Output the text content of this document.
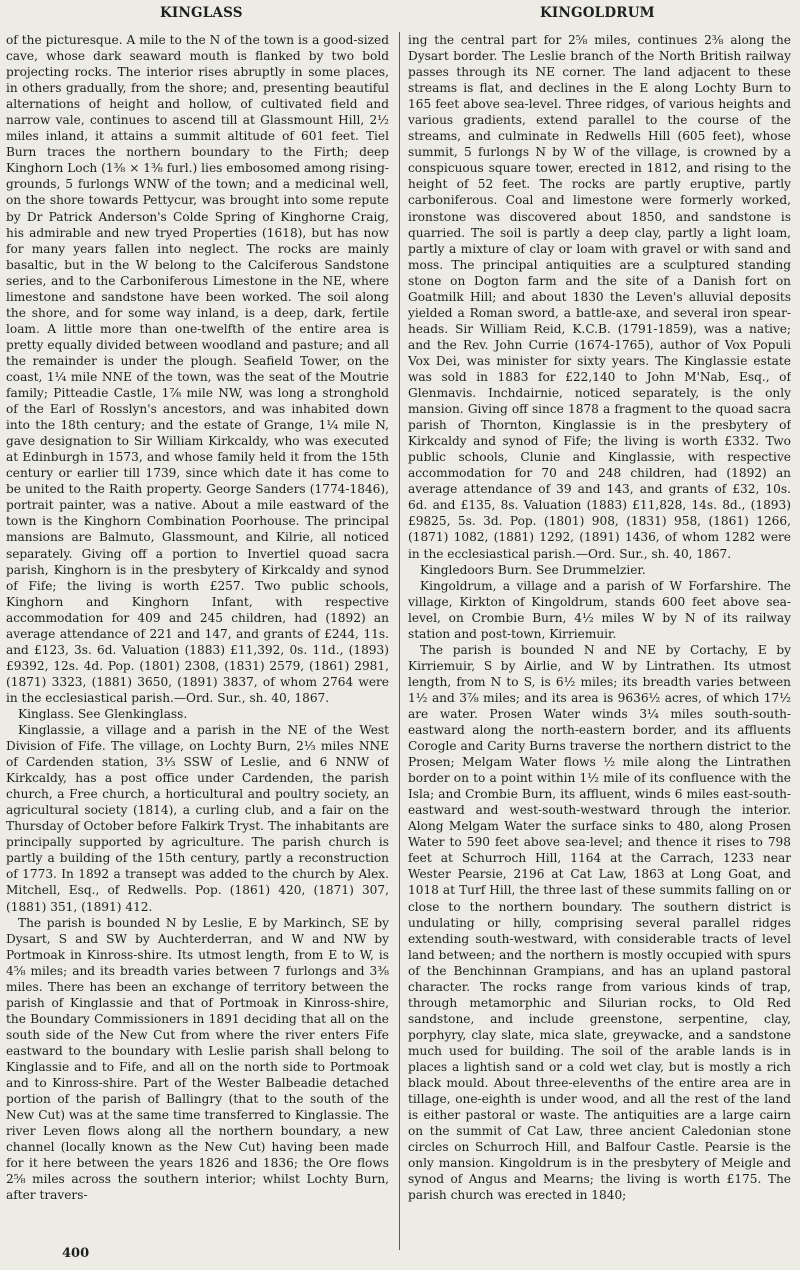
KINGLASS	KINGOLDRUM

of the picturesque. A mile to the N of the town is a good-sized cave, whose dark seaward mouth is flanked by two bold projecting rocks. The interior rises abruptly in some places, in others gradually, from the shore; and, presenting beautiful alternations of height and hollow, of cultivated field and narrow vale, continues to ascend till at Glassmount Hill, 2½ miles inland, it attains a summit altitude of 601 feet. Tiel Burn traces the northern boundary to the Firth; deep Kinghorn Loch (1⅜ × 1⅜ furl.) lies embosomed among rising-grounds, 5 furlongs WNW of the town; and a medicinal well, on the shore towards Pettycur, was brought into some repute by Dr Patrick Anderson's Colde Spring of Kinghorne Craig, his admirable and new tryed Properties (1618), but has now for many years fallen into neglect. The rocks are mainly basaltic, but in the W belong to the Calciferous Sandstone series, and to the Carboniferous Limestone in the NE, where limestone and sandstone have been worked. The soil along the shore, and for some way inland, is a deep, dark, fertile loam. A little more than one-twelfth of the entire area is pretty equally divided between woodland and pasture; and all the remainder is under the plough. Seafield Tower, on the coast, 1¼ mile NNE of the town, was the seat of the Moutrie family; Pitteadie Castle, 1⅞ mile NW, was long a stronghold of the Earl of Rosslyn's ancestors, and was inhabited down into the 18th century; and the estate of Grange, 1¼ mile N, gave designation to Sir William Kirkcaldy, who was executed at Edinburgh in 1573, and whose family held it from the 15th century or earlier till 1739, since which date it has come to be united to the Raith property. George Sanders (1774-1846), portrait painter, was a native. About a mile eastward of the town is the Kinghorn Combination Poorhouse. The principal mansions are Balmuto, Glassmount, and Kilrie, all noticed separately. Giving off a portion to Invertiel quoad sacra parish, Kinghorn is in the presbytery of Kirkcaldy and synod of Fife; the living is worth £257. Two public schools, Kinghorn and Kinghorn Infant, with respective accommodation for 409 and 245 children, had (1892) an average attendance of 221 and 147, and grants of £244, 11s. and £123, 3s. 6d. Valuation (1883) £11,392, 0s. 11d., (1893) £9392, 12s. 4d. Pop. (1801) 2308, (1831) 2579, (1861) 2981, (1871) 3323, (1881) 3650, (1891) 3837, of whom 2764 were in the ecclesiastical parish.—Ord. Sur., sh. 40, 1867.

Kinglass. See Glenkinglass.

Kinglassie, a village and a parish in the NE of the West Division of Fife. The village, on Lochty Burn, 2⅓ miles NNE of Cardenden station, 3⅓ SSW of Leslie, and 6 NNW of Kirkcaldy, has a post office under Cardenden, the parish church, a Free church, a horticultural and poultry society, an agricultural society (1814), a curling club, and a fair on the Thursday of October before Falkirk Tryst. The inhabitants are principally supported by agriculture. The parish church is partly a building of the 15th century, partly a reconstruction of 1773. In 1892 a transept was added to the church by Alex. Mitchell, Esq., of Redwells. Pop. (1861) 420, (1871) 307, (1881) 351, (1891) 412.

The parish is bounded N by Leslie, E by Markinch, SE by Dysart, S and SW by Auchterderran, and W and NW by Portmoak in Kinross-shire. Its utmost length, from E to W, is 4⅝ miles; and its breadth varies between 7 furlongs and 3⅜ miles. There has been an exchange of territory between the parish of Kinglassie and that of Portmoak in Kinross-shire, the Boundary Commissioners in 1891 deciding that all on the south side of the New Cut from where the river enters Fife eastward to the boundary with Leslie parish shall belong to Kinglassie and to Fife, and all on the north side to Portmoak and to Kinross-shire. Part of the Wester Balbeadie detached portion of the parish of Ballingry (that to the south of the New Cut) was at the same time transferred to Kinglassie. The river Leven flows along all the northern boundary, a new channel (locally known as the New Cut) having been made for it here between the years 1826 and 1836; the Ore flows 2⅝ miles across the southern interior; whilst Lochty Burn, after travers-

ing the central part for 2⅝ miles, continues 2⅜ along the Dysart border. The Leslie branch of the North British railway passes through its NE corner. The land adjacent to these streams is flat, and declines in the E along Lochty Burn to 165 feet above sea-level. Three ridges, of various heights and various gradients, extend parallel to the course of the streams, and culminate in Redwells Hill (605 feet), whose summit, 5 furlongs N by W of the village, is crowned by a conspicuous square tower, erected in 1812, and rising to the height of 52 feet. The rocks are partly eruptive, partly carboniferous. Coal and limestone were formerly worked, ironstone was discovered about 1850, and sandstone is quarried. The soil is partly a deep clay, partly a light loam, partly a mixture of clay or loam with gravel or with sand and moss. The principal antiquities are a sculptured standing stone on Dogton farm and the site of a Danish fort on Goatmilk Hill; and about 1830 the Leven's alluvial deposits yielded a Roman sword, a battle-axe, and several iron spear-heads. Sir William Reid, K.C.B. (1791-1859), was a native; and the Rev. John Currie (1674-1765), author of Vox Populi Vox Dei, was minister for sixty years. The Kinglassie estate was sold in 1883 for £22,140 to John M'Nab, Esq., of Glenmavis. Inchdairnie, noticed separately, is the only mansion. Giving off since 1878 a fragment to the quoad sacra parish of Thornton, Kinglassie is in the presbytery of Kirkcaldy and synod of Fife; the living is worth £332. Two public schools, Clunie and Kinglassie, with respective accommodation for 70 and 248 children, had (1892) an average attendance of 39 and 143, and grants of £32, 10s. 6d. and £135, 8s. Valuation (1883) £11,828, 14s. 8d., (1893) £9825, 5s. 3d. Pop. (1801) 908, (1831) 958, (1861) 1266, (1871) 1082, (1881) 1292, (1891) 1436, of whom 1282 were in the ecclesiastical parish.—Ord. Sur., sh. 40, 1867.

Kingledoors Burn. See Drummelzier.

Kingoldrum, a village and a parish of W Forfarshire. The village, Kirkton of Kingoldrum, stands 600 feet above sea-level, on Crombie Burn, 4½ miles W by N of its railway station and post-town, Kirriemuir.

The parish is bounded N and NE by Cortachy, E by Kirriemuir, S by Airlie, and W by Lintrathen. Its utmost length, from N to S, is 6½ miles; its breadth varies between 1½ and 3⅞ miles; and its area is 9636½ acres, of which 17½ are water. Prosen Water winds 3¼ miles south-south-eastward along the north-eastern border, and its affluents Corogle and Carity Burns traverse the northern district to the Prosen; Melgam Water flows ½ mile along the Lintrathen border on to a point within 1½ mile of its confluence with the Isla; and Crombie Burn, its affluent, winds 6 miles east-south-eastward and west-south-westward through the interior. Along Melgam Water the surface sinks to 480, along Prosen Water to 590 feet above sea-level; and thence it rises to 798 feet at Schurroch Hill, 1164 at the Carrach, 1233 near Wester Pearsie, 2196 at Cat Law, 1863 at Long Goat, and 1018 at Turf Hill, the three last of these summits falling on or close to the northern boundary. The southern district is undulating or hilly, comprising several parallel ridges extending south-westward, with considerable tracts of level land between; and the northern is mostly occupied with spurs of the Benchinnan Grampians, and has an upland pastoral character. The rocks range from various kinds of trap, through metamorphic and Silurian rocks, to Old Red sandstone, and include greenstone, serpentine, clay, porphyry, clay slate, mica slate, greywacke, and a sandstone much used for building. The soil of the arable lands is in places a lightish sand or a cold wet clay, but is mostly a rich black mould. About three-elevenths of the entire area are in tillage, one-eighth is under wood, and all the rest of the land is either pastoral or waste. The antiquities are a large cairn on the summit of Cat Law, three ancient Caledonian stone circles on Schurroch Hill, and Balfour Castle. Pearsie is the only mansion. Kingoldrum is in the presbytery of Meigle and synod of Angus and Mearns; the living is worth £175. The parish church was erected in 1840;

400
